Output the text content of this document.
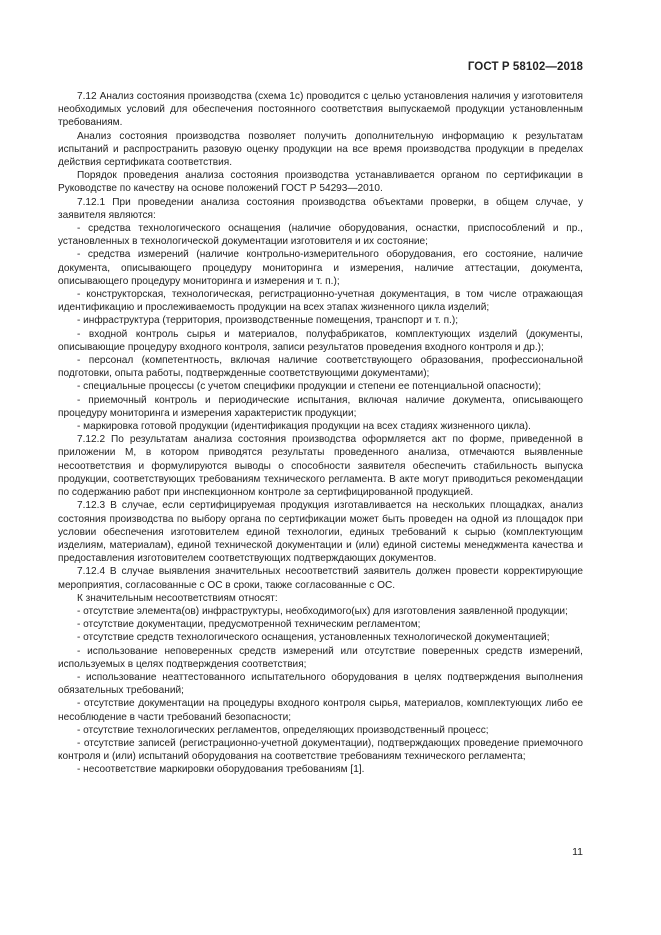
ГОСТ Р 58102—2018

7.12 Анализ состояния производства (схема 1с) проводится с целью установления наличия у изготовителя необходимых условий для обеспечения постоянного соответствия выпускаемой продукции установленным требованиям.

Анализ состояния производства позволяет получить дополнительную информацию к результатам испытаний и распространить разовую оценку продукции на все время производства продукции в пределах действия сертификата соответствия.

Порядок проведения анализа состояния производства устанавливается органом по сертификации в Руководстве по качеству на основе положений ГОСТ Р 54293—2010.

7.12.1 При проведении анализа состояния производства объектами проверки, в общем случае, у заявителя являются:

- средства технологического оснащения (наличие оборудования, оснастки, приспособлений и пр., установленных в технологической документации изготовителя и их состояние;

- средства измерений (наличие контрольно-измерительного оборудования, его состояние, наличие документа, описывающего процедуру мониторинга и измерения, наличие аттестации, документа, описывающего процедуру мониторинга и измерения и т. п.);

- конструкторская, технологическая, регистрационно-учетная документация, в том числе отражающая идентификацию и прослеживаемость продукции на всех этапах жизненного цикла изделий;

- инфраструктура (территория, производственные помещения, транспорт и т. п.);

- входной контроль сырья и материалов, полуфабрикатов, комплектующих изделий (документы, описывающие процедуру входного контроля, записи результатов проведения входного контроля и др.);

- персонал (компетентность, включая наличие соответствующего образования, профессиональной подготовки, опыта работы, подтвержденные соответствующими документами);

- специальные процессы (с учетом специфики продукции и степени ее потенциальной опасности);

- приемочный контроль и периодические испытания, включая наличие документа, описывающего процедуру мониторинга и измерения характеристик продукции;

- маркировка готовой продукции (идентификация продукции на всех стадиях жизненного цикла).

7.12.2 По результатам анализа состояния производства оформляется акт по форме, приведенной в приложении М, в котором приводятся результаты проведенного анализа, отмечаются выявленные несоответствия и формулируются выводы о способности заявителя обеспечить стабильность выпуска продукции, соответствующих требованиям технического регламента. В акте могут приводиться рекомендации по содержанию работ при инспекционном контроле за сертифицированной продукцией.

7.12.3 В случае, если сертифицируемая продукция изготавливается на нескольких площадках, анализ состояния производства по выбору органа по сертификации может быть проведен на одной из площадок при условии обеспечения изготовителем единой технологии, единых требований к сырью (комплектующим изделиям, материалам), единой технической документации и (или) единой системы менеджмента качества и предоставления изготовителем соответствующих подтверждающих документов.

7.12.4 В случае выявления значительных несоответствий заявитель должен провести корректирующие мероприятия, согласованные с ОС в сроки, также согласованные с ОС.

К значительным несоответствиям относят:

- отсутствие элемента(ов) инфраструктуры, необходимого(ых) для изготовления заявленной продукции;

- отсутствие документации, предусмотренной техническим регламентом;

- отсутствие средств технологического оснащения, установленных технологической документацией;

- использование неповеренных средств измерений или отсутствие поверенных средств измерений, используемых в целях подтверждения соответствия;

- использование неаттестованного испытательного оборудования в целях подтверждения выполнения обязательных требований;

- отсутствие документации на процедуры входного контроля сырья, материалов, комплектующих либо ее несоблюдение в части требований безопасности;

- отсутствие технологических регламентов, определяющих производственный процесс;

- отсутствие записей (регистрационно-учетной документации), подтверждающих проведение приемочного контроля и (или) испытаний оборудования на соответствие требованиям технического регламента;

- несоответствие маркировки оборудования требованиям [1].

11
